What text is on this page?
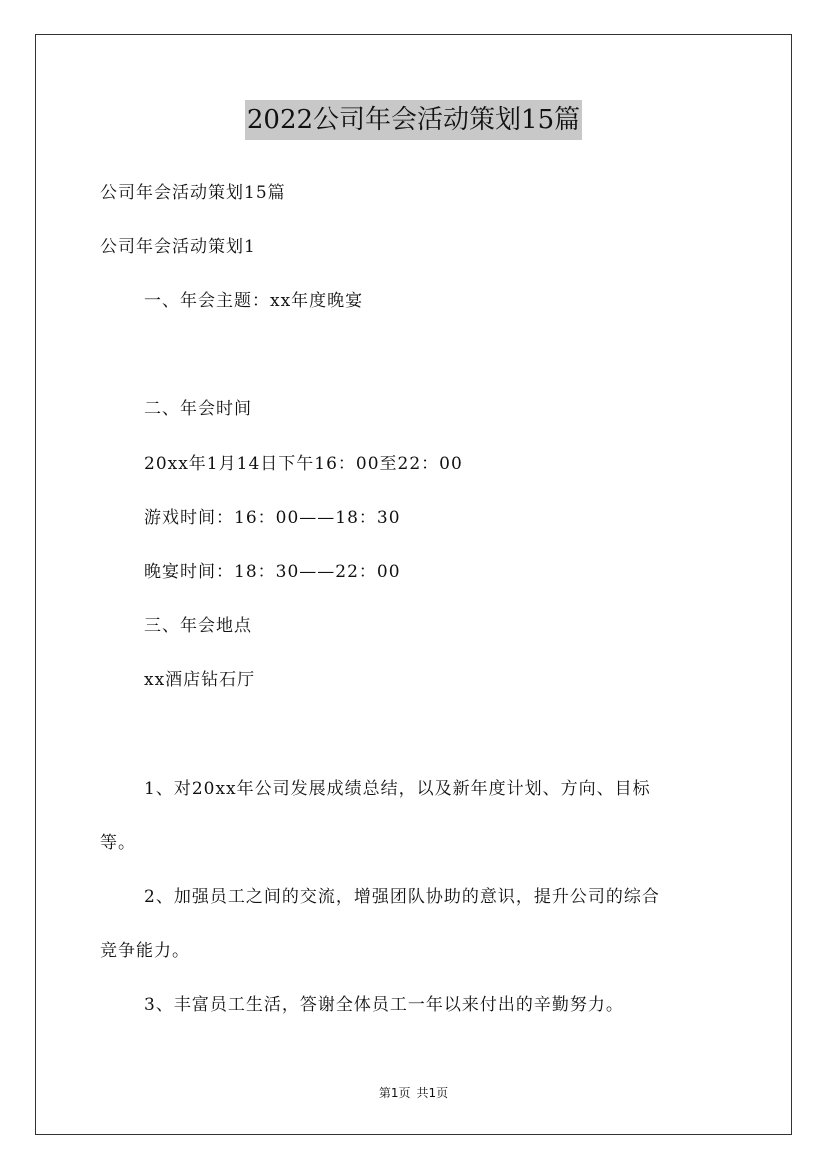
2022公司年会活动策划15篇
公司年会活动策划15篇
公司年会活动策划1
一、年会主题：xx年度晚宴
二、年会时间
20xx年1月14日下午16：00至22：00
游戏时间：16：00——18：30
晚宴时间：18：30——22：00
三、年会地点
xx酒店钻石厅
1、对20xx年公司发展成绩总结，以及新年度计划、方向、目标
等。
2、加强员工之间的交流，增强团队协助的意识，提升公司的综合
竞争能力。
3、丰富员工生活，答谢全体员工一年以来付出的辛勤努力。
第1页 共1页
